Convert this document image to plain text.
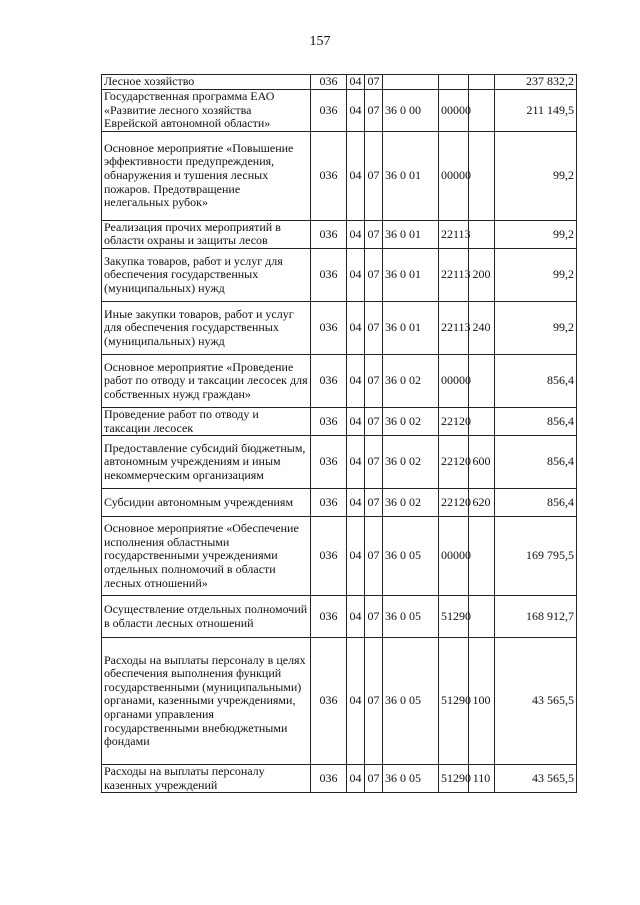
157
Лесное хозяйство	036	04	07				237 832,2
Государственная программа ЕАО «Развитие лесного хозяйства Еврейской автономной области»	036	04	07	36 0 00	00000		211 149,5
Основное мероприятие «Повышение эффективности предупреждения, обнаружения и тушения лесных пожаров. Предотвращение нелегальных рубок»	036	04	07	36 0 01	00000		99,2
Реализация прочих мероприятий в области охраны и защиты лесов	036	04	07	36 0 01	22113		99,2
Закупка товаров, работ и услуг для обеспечения государственных (муниципальных) нужд	036	04	07	36 0 01	22113	200	99,2
Иные закупки товаров, работ и услуг для обеспечения государственных (муниципальных) нужд	036	04	07	36 0 01	22113	240	99,2
Основное мероприятие «Проведение работ по отводу и таксации лесосек для собственных нужд граждан»	036	04	07	36 0 02	00000		856,4
Проведение работ по отводу и таксации лесосек	036	04	07	36 0 02	22120		856,4
Предоставление субсидий бюджетным, автономным учреждениям и иным некоммерческим организациям	036	04	07	36 0 02	22120	600	856,4
Субсидии автономным учреждениям	036	04	07	36 0 02	22120	620	856,4
Основное мероприятие «Обеспечение исполнения областными государственными учреждениями отдельных полномочий в области лесных отношений»	036	04	07	36 0 05	00000		169 795,5
Осуществление отдельных полномочий в области лесных отношений	036	04	07	36 0 05	51290		168 912,7
Расходы на выплаты персоналу в целях обеспечения выполнения функций государственными (муниципальными) органами, казенными учреждениями, органами управления государственными внебюджетными фондами	036	04	07	36 0 05	51290	100	43 565,5
Расходы на выплаты персоналу казенных учреждений	036	04	07	36 0 05	51290	110	43 565,5
